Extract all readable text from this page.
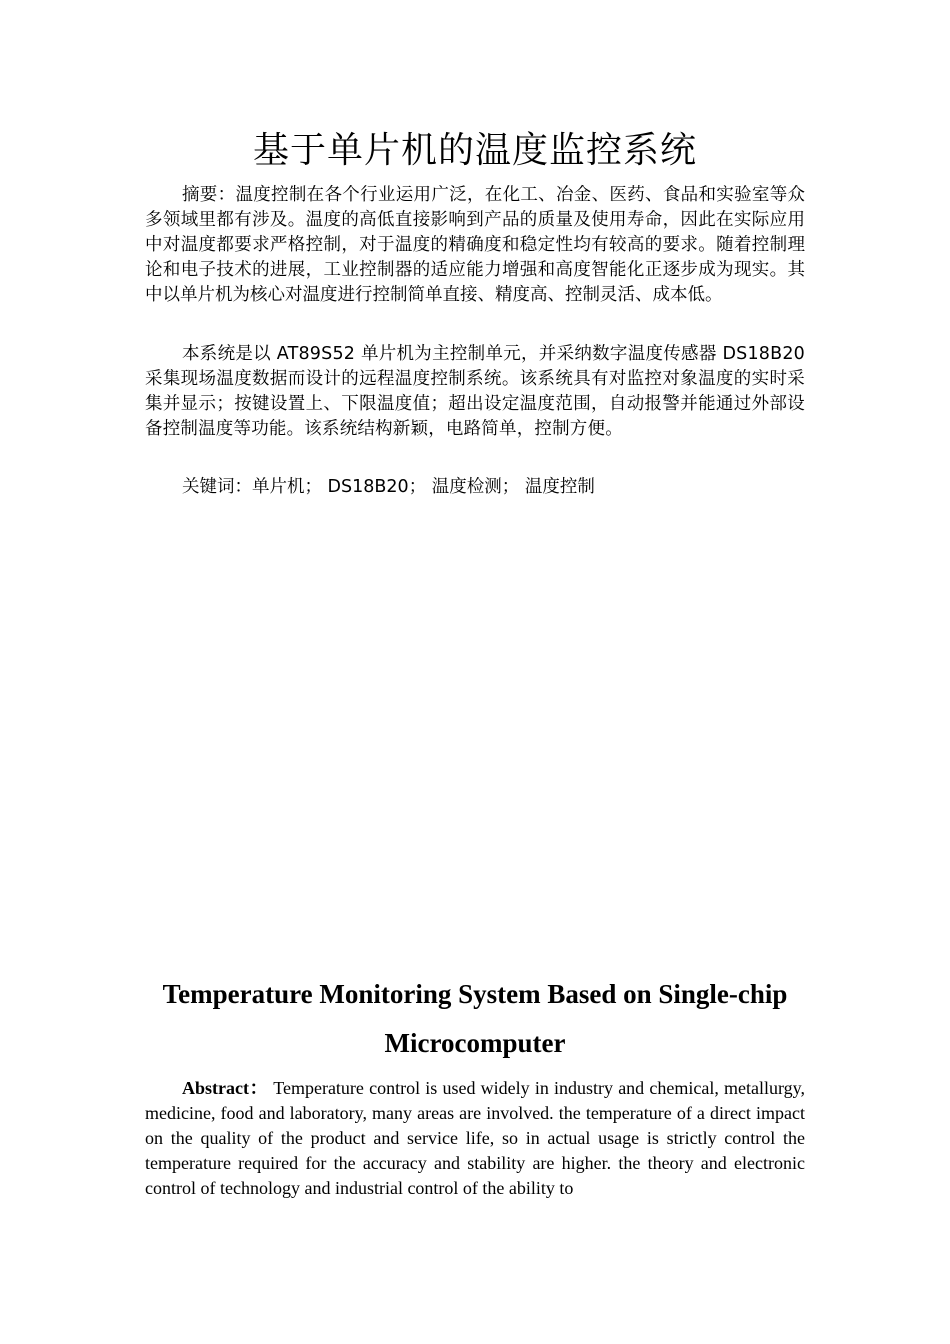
基于单片机的温度监控系统

摘要：温度控制在各个行业运用广泛，在化工、冶金、医药、食品和实验室等众多领域里都有涉及。温度的高低直接影响到产品的质量及使用寿命，因此在实际应用中对温度都要求严格控制，对于温度的精确度和稳定性均有较高的要求。随着控制理论和电子技术的进展，工业控制器的适应能力增强和高度智能化正逐步成为现实。其中以单片机为核心对温度进行控制简单直接、精度高、控制灵活、成本低。

本系统是以 AT89S52 单片机为主控制单元，并采纳数字温度传感器 DS18B20 采集现场温度数据而设计的远程温度控制系统。该系统具有对监控对象温度的实时采集并显示；按键设置上、下限温度值；超出设定温度范围，自动报警并能通过外部设备控制温度等功能。该系统结构新颖，电路简单，控制方便。

关键词：单片机； DS18B20； 温度检测； 温度控制

Temperature Monitoring System Based on Single-chip Microcomputer

Abstract： Temperature control is used widely in industry and chemical, metallurgy, medicine, food and laboratory, many areas are involved. the temperature of a direct impact on the quality of the product and service life, so in actual usage is strictly control the temperature required for the accuracy and stability are higher. the theory and electronic control of technology and industrial control of the ability to
